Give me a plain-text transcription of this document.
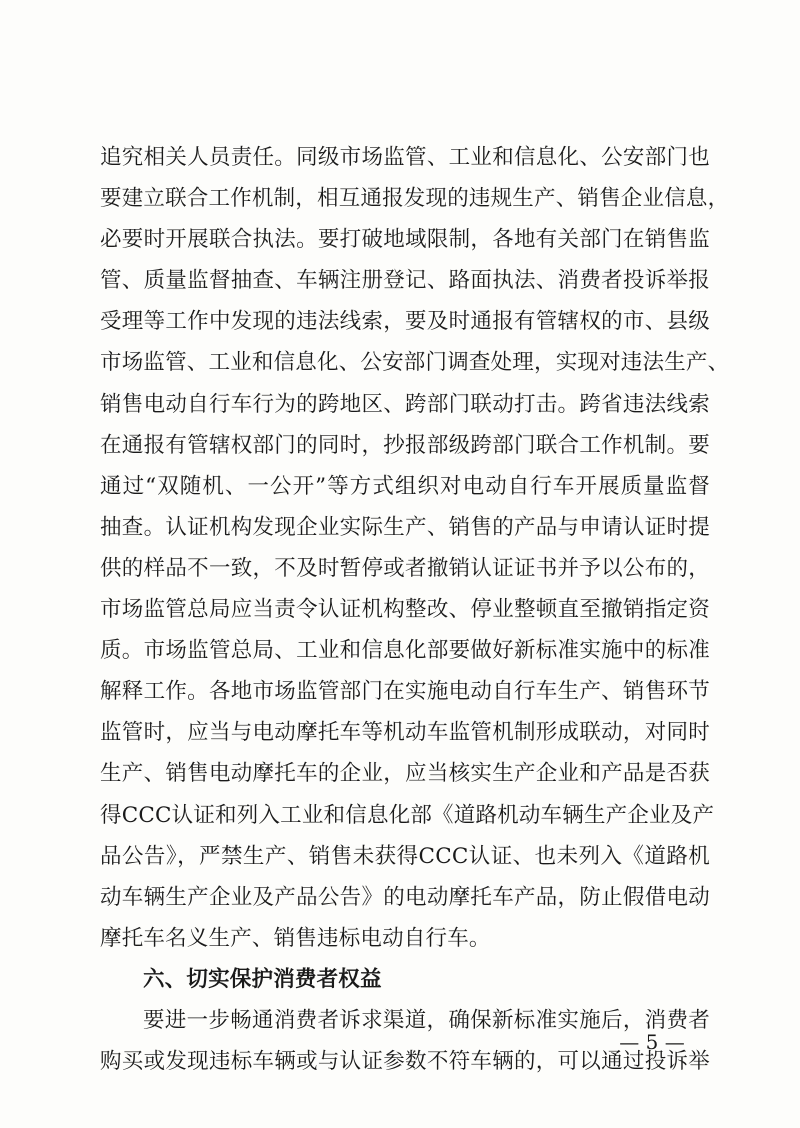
追究相关人员责任。同级市场监管、工业和信息化、公安部门也
要建立联合工作机制，相互通报发现的违规生产、销售企业信息，
必要时开展联合执法。要打破地域限制，各地有关部门在销售监
管、质量监督抽查、车辆注册登记、路面执法、消费者投诉举报
受理等工作中发现的违法线索，要及时通报有管辖权的市、县级
市场监管、工业和信息化、公安部门调查处理，实现对违法生产、
销售电动自行车行为的跨地区、跨部门联动打击。跨省违法线索
在通报有管辖权部门的同时，抄报部级跨部门联合工作机制。要
通过“双随机、一公开”等方式组织对电动自行车开展质量监督
抽查。认证机构发现企业实际生产、销售的产品与申请认证时提
供的样品不一致，不及时暂停或者撤销认证证书并予以公布的，
市场监管总局应当责令认证机构整改、停业整顿直至撤销指定资
质。市场监管总局、工业和信息化部要做好新标准实施中的标准
解释工作。各地市场监管部门在实施电动自行车生产、销售环节
监管时，应当与电动摩托车等机动车监管机制形成联动，对同时
生产、销售电动摩托车的企业，应当核实生产企业和产品是否获
得CCC认证和列入工业和信息化部《道路机动车辆生产企业及产
品公告》，严禁生产、销售未获得CCC认证、也未列入《道路机
动车辆生产企业及产品公告》的电动摩托车产品，防止假借电动
摩托车名义生产、销售违标电动自行车。
六、切实保护消费者权益
要进一步畅通消费者诉求渠道，确保新标准实施后，消费者
购买或发现违标车辆或与认证参数不符车辆的，可以通过投诉举
— 5 —
